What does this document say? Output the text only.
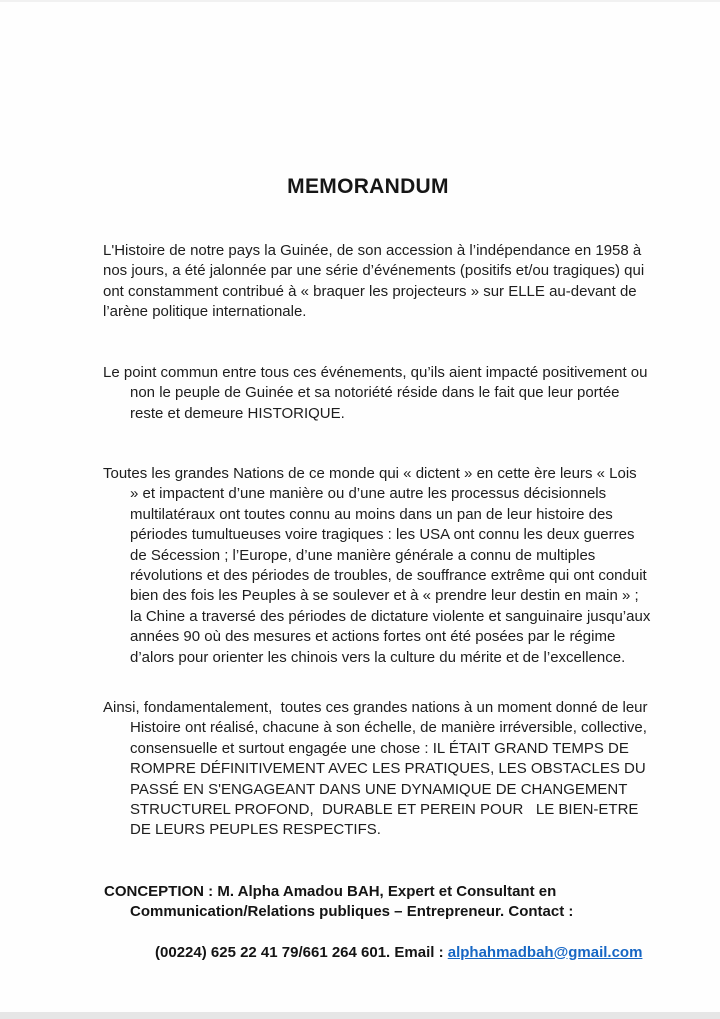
MEMORANDUM
L'Histoire de notre pays la Guinée, de son accession à l’indépendance en 1958 à
nos jours, a été jalonnée par une série d’événements (positifs et/ou tragiques) qui
ont constamment contribué à « braquer les projecteurs » sur ELLE au-devant de
l’arène politique internationale.
Le point commun entre tous ces événements, qu’ils aient impacté positivement ou
non le peuple de Guinée et sa notoriété réside dans le fait que leur portée
reste et demeure HISTORIQUE.
Toutes les grandes Nations de ce monde qui « dictent » en cette ère leurs « Lois
» et impactent d’une manière ou d’une autre les processus décisionnels
multilatéraux ont toutes connu au moins dans un pan de leur histoire des
périodes tumultueuses voire tragiques : les USA ont connu les deux guerres
de Sécession ; l’Europe, d’une manière générale a connu de multiples
révolutions et des périodes de troubles, de souffrance extrême qui ont conduit
bien des fois les Peuples à se soulever et à « prendre leur destin en main » ;
la Chine a traversé des périodes de dictature violente et sanguinaire jusqu’aux
années 90 où des mesures et actions fortes ont été posées par le régime
d’alors pour orienter les chinois vers la culture du mérite et de l’excellence.
Ainsi, fondamentalement,  toutes ces grandes nations à un moment donné de leur
Histoire ont réalisé, chacune à son échelle, de manière irréversible, collective,
consensuelle et surtout engagée une chose : IL ÉTAIT GRAND TEMPS DE
ROMPRE DÉFINITIVEMENT AVEC LES PRATIQUES, LES OBSTACLES DU
PASSÉ EN S'ENGAGEANT DANS UNE DYNAMIQUE DE CHANGEMENT
STRUCTUREL PROFOND,  DURABLE ET PEREIN POUR   LE BIEN-ETRE
DE LEURS PEUPLES RESPECTIFS.
CONCEPTION : M. Alpha Amadou BAH, Expert et Consultant en
Communication/Relations publiques – Entrepreneur. Contact :

(00224) 625 22 41 79/661 264 601. Email : alphahmadbah@gmail.com
